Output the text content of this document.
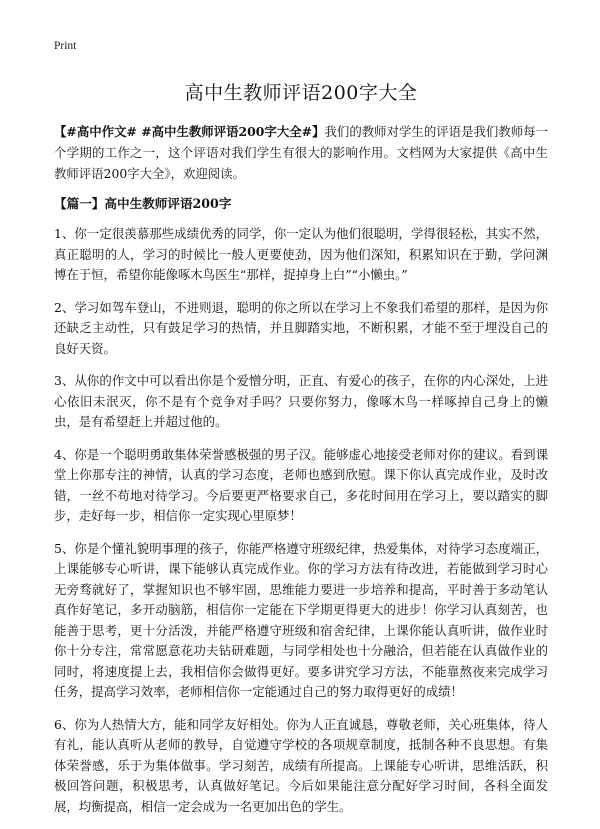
Print
高中生教师评语200字大全

【#高中作文# #高中生教师评语200字大全#】我们的教师对学生的评语是我们教师每一个学期的工作之一，这个评语对我们学生有很大的影响作用。文档网为大家提供《高中生教师评语200字大全》，欢迎阅读。

【篇一】高中生教师评语200字

1、你一定很羡慕那些成绩优秀的同学，你一定认为他们很聪明，学得很轻松，其实不然，真正聪明的人，学习的时候比一般人更要使劲，因为他们深知，积累知识在于勤，学问渊博在于恒，希望你能像啄木鸟医生“那样，捉掉身上白”“小懒虫。”

2、学习如驾车登山，不进则退，聪明的你之所以在学习上不象我们希望的那样，是因为你还缺乏主动性，只有鼓足学习的热情，并且脚踏实地，不断积累，才能不至于埋没自己的良好天资。

3、从你的作文中可以看出你是个爱憎分明，正直、有爱心的孩子，在你的内心深处，上进心依旧未泯灭，你不是有个竞争对手吗？只要你努力，像啄木鸟一样啄掉自己身上的懒虫，是有希望赶上并超过他的。

4、你是一个聪明勇敢集体荣誉感极强的男子汉。能够虚心地接受老师对你的建议。看到课堂上你那专注的神情，认真的学习态度，老师也感到欣慰。课下你认真完成作业，及时改错，一丝不苟地对待学习。今后要更严格要求自己，多花时间用在学习上，要以踏实的脚步，走好每一步，相信你一定实现心里原梦！

5、你是个懂礼貌明事理的孩子，你能严格遵守班级纪律，热爱集体，对待学习态度端正，上课能够专心听讲，课下能够认真完成作业。你的学习方法有待改进，若能做到学习时心无旁骛就好了，掌握知识也不够牢固，思维能力要进一步培养和提高，平时善于多动笔认真作好笔记，多开动脑筋，相信你一定能在下学期更得更大的进步！你学习认真刻苦，也能善于思考，更十分活泼，并能严格遵守班级和宿舍纪律，上课你能认真听讲，做作业时你十分专注，常常愿意花功夫钻研难题，与同学相处也十分融洽，但若能在认真做作业的同时，将速度提上去，我相信你会做得更好。要多讲究学习方法，不能靠熬夜来完成学习任务，提高学习效率，老师相信你一定能通过自己的努力取得更好的成绩！

6、你为人热情大方，能和同学友好相处。你为人正直诚恳，尊敬老师，关心班集体，待人有礼，能认真听从老师的教导，自觉遵守学校的各项规章制度，抵制各种不良思想。有集体荣誉感，乐于为集体做事。学习刻苦，成绩有所提高。上课能专心听讲，思维活跃，积极回答问题，积极思考，认真做好笔记。今后如果能注意分配好学习时间，各科全面发展，均衡提高，相信一定会成为一名更加出色的学生。
